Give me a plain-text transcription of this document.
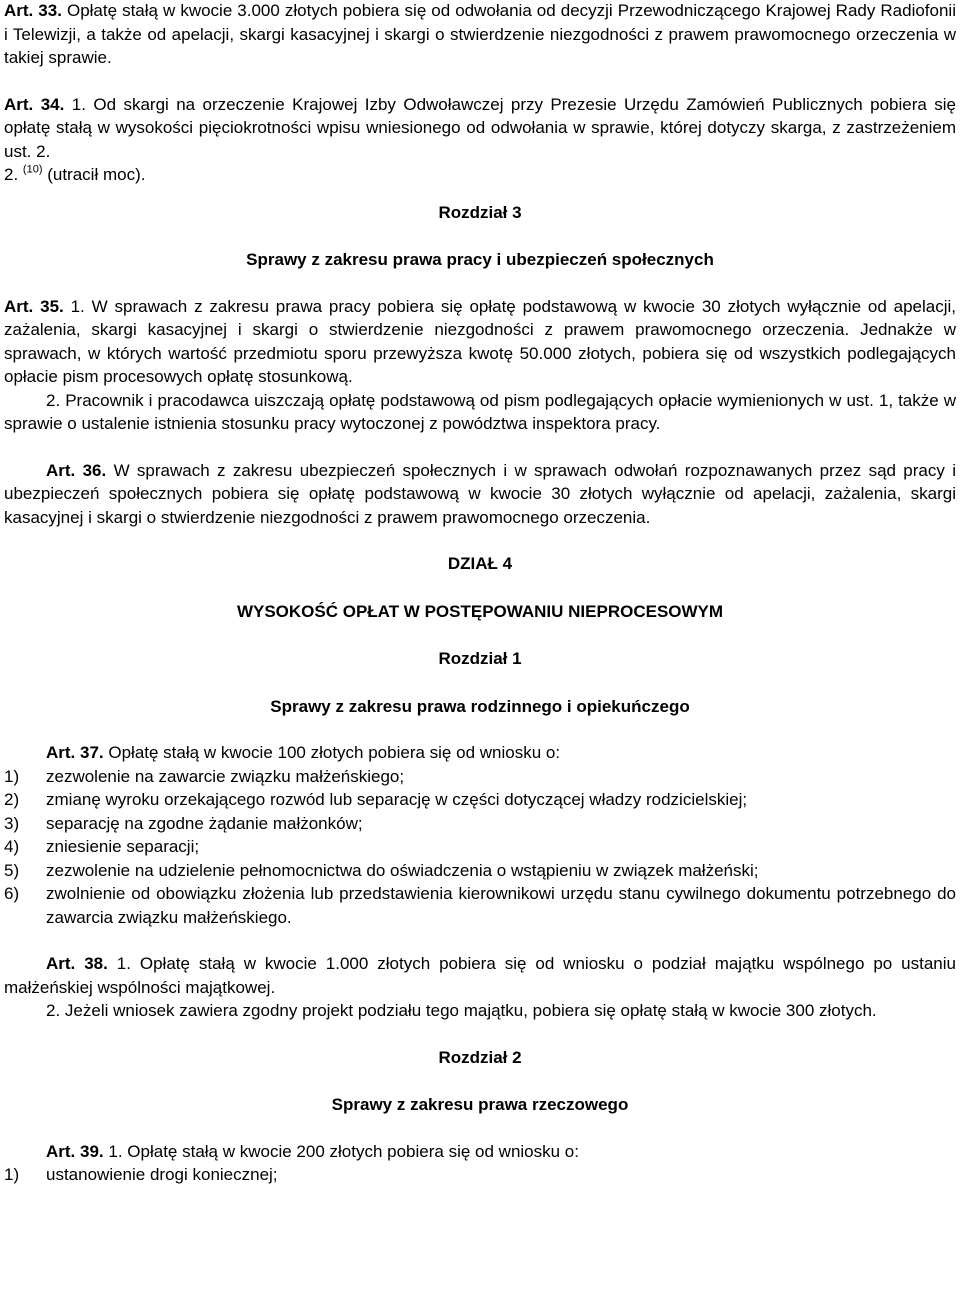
Art. 33. Opłatę stałą w kwocie 3.000 złotych pobiera się od odwołania od decyzji Przewodniczącego Krajowej Rady Radiofonii i Telewizji, a także od apelacji, skargi kasacyjnej i skargi o stwierdzenie niezgodności z prawem prawomocnego orzeczenia w takiej sprawie.

Art. 34. 1. Od skargi na orzeczenie Krajowej Izby Odwoławczej przy Prezesie Urzędu Zamówień Publicznych pobiera się opłatę stałą w wysokości pięciokrotności wpisu wniesionego od odwołania w sprawie, której dotyczy skarga, z zastrzeżeniem ust. 2.

2. $^{(10)}$ (utracił moc).

Rozdział 3

Sprawy z zakresu prawa pracy i ubezpieczeń społecznych

Art. 35. 1. W sprawach z zakresu prawa pracy pobiera się opłatę podstawową w kwocie 30 złotych wyłącznie od apelacji, zażalenia, skargi kasacyjnej i skargi o stwierdzenie niezgodności z prawem prawomocnego orzeczenia. Jednakże w sprawach, w których wartość przedmiotu sporu przewyższa kwotę 50.000 złotych, pobiera się od wszystkich podlegających opłacie pism procesowych opłatę stosunkową.

2. Pracownik i pracodawca uiszczają opłatę podstawową od pism podlegających opłacie wymienionych w ust. 1, także w sprawie o ustalenie istnienia stosunku pracy wytoczonej z powództwa inspektora pracy.

Art. 36. W sprawach z zakresu ubezpieczeń społecznych i w sprawach odwołań rozpoznawanych przez sąd pracy i ubezpieczeń społecznych pobiera się opłatę podstawową w kwocie 30 złotych wyłącznie od apelacji, zażalenia, skargi kasacyjnej i skargi o stwierdzenie niezgodności z prawem prawomocnego orzeczenia.

DZIAŁ 4

WYSOKOŚĆ OPŁAT W POSTĘPOWANIU NIEPROCESOWYM

Rozdział 1

Sprawy z zakresu prawa rodzinnego i opiekuńczego

Art. 37. Opłatę stałą w kwocie 100 złotych pobiera się od wniosku o:

1)	zezwolenie na zawarcie związku małżeńskiego;
2)	zmianę wyroku orzekającego rozwód lub separację w części dotyczącej władzy rodzicielskiej;
3)	separację na zgodne żądanie małżonków;
4)	zniesienie separacji;
5)	zezwolenie na udzielenie pełnomocnictwa do oświadczenia o wstąpieniu w związek małżeński;
6)	zwolnienie od obowiązku złożenia lub przedstawienia kierownikowi urzędu stanu cywilnego dokumentu potrzebnego do zawarcia związku małżeńskiego.

Art. 38. 1. Opłatę stałą w kwocie 1.000 złotych pobiera się od wniosku o podział majątku wspólnego po ustaniu małżeńskiej wspólności majątkowej.

2. Jeżeli wniosek zawiera zgodny projekt podziału tego majątku, pobiera się opłatę stałą w kwocie 300 złotych.

Rozdział 2

Sprawy z zakresu prawa rzeczowego

Art. 39. 1. Opłatę stałą w kwocie 200 złotych pobiera się od wniosku o:

1)	ustanowienie drogi koniecznej;
